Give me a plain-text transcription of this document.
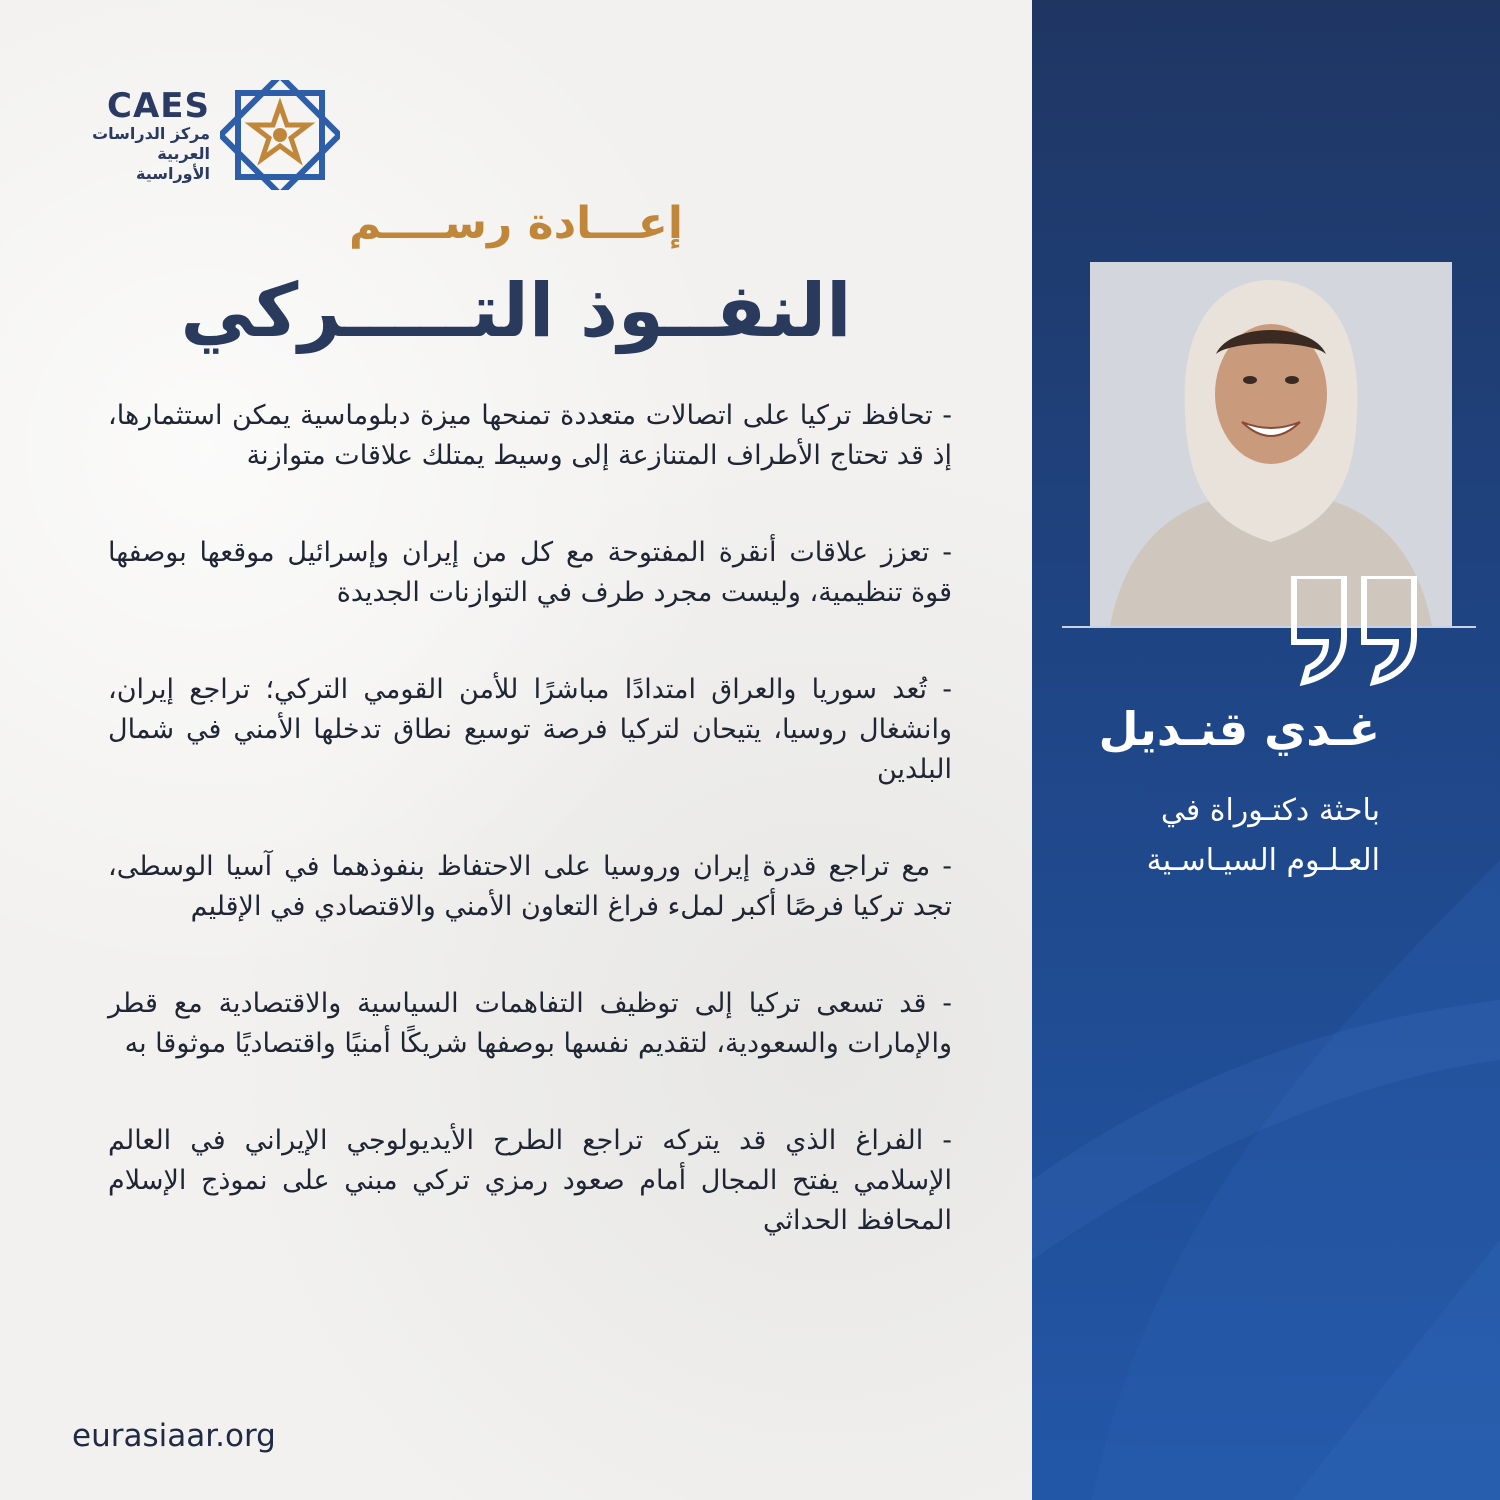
CAES
مركز الدراسات
العربية الأوراسية
إعـــادة رســــم
النفــوذ التـــــركي

- تحافظ تركيا على اتصالات متعددة تمنحها ميزة دبلوماسية يمكن استثمارها، إذ قد تحتاج الأطراف المتنازعة إلى وسيط يمتلك علاقات متوازنة

- تعزز علاقات أنقرة المفتوحة مع كل من إيران وإسرائيل موقعها بوصفها قوة تنظيمية، وليست مجرد طرف في التوازنات الجديدة

- تُعد سوريا والعراق امتدادًا مباشرًا للأمن القومي التركي؛ تراجع إيران، وانشغال روسيا، يتيحان لتركيا فرصة توسيع نطاق تدخلها الأمني في شمال البلدين

- مع تراجع قدرة إيران وروسيا على الاحتفاظ بنفوذهما في آسيا الوسطى، تجد تركيا فرصًا أكبر لملء فراغ التعاون الأمني والاقتصادي في الإقليم

- قد تسعى تركيا إلى توظيف التفاهمات السياسية والاقتصادية مع قطر والإمارات والسعودية، لتقديم نفسها بوصفها شريكًا أمنيًا واقتصاديًا موثوقا به

- الفراغ الذي قد يتركه تراجع الطرح الأيديولوجي الإيراني في العالم الإسلامي يفتح المجال أمام صعود رمزي تركي مبني على نموذج الإسلام المحافظ الحداثي

eurasiaar.org
غـدي قنـديل
باحثة دكتـوراة في
العـلـوم السيـاسـية
